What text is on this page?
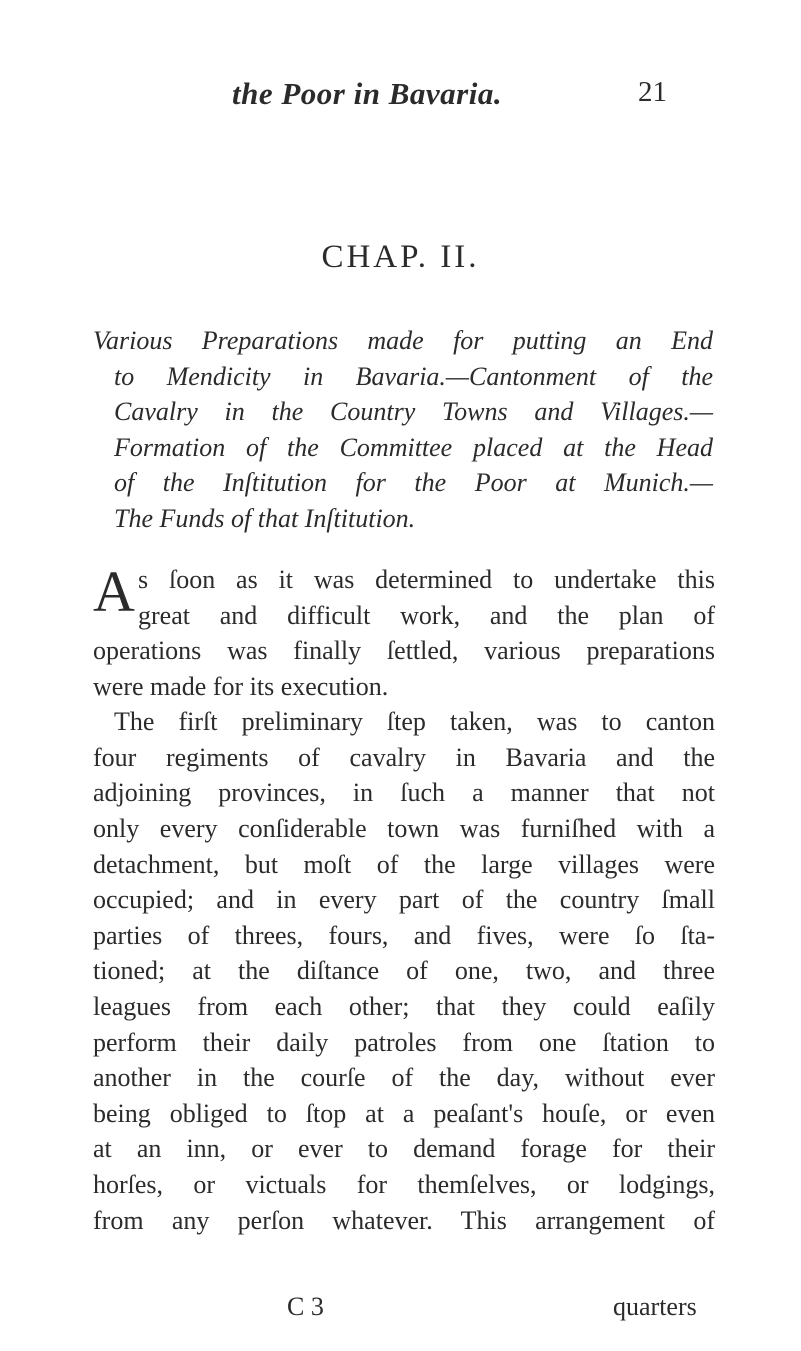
the Poor in Bavaria.	21
CHAP. II.
Various Preparations made for putting an End
to Mendicity in Bavaria.—Cantonment of the
Cavalry in the Country Towns and Villages.—
Formation of the Committee placed at the Head
of the Inſtitution for the Poor at Munich.—
The Funds of that Inſtitution.
A s ſoon as it was determined to undertake this
great and difficult work, and the plan of
operations was finally ſettled, various preparations
were made for its execution.
The firſt preliminary ſtep taken, was to canton
four regiments of cavalry in Bavaria and the
adjoining provinces, in ſuch a manner that not
only every conſiderable town was furniſhed with a
detachment, but moſt of the large villages were
occupied; and in every part of the country ſmall
parties of threes, fours, and fives, were ſo ſta-
tioned; at the diſtance of one, two, and three
leagues from each other; that they could eaſily
perform their daily patroles from one ſtation to
another in the courſe of the day, without ever
being obliged to ſtop at a peaſant's houſe, or even
at an inn, or ever to demand forage for their
horſes, or victuals for themſelves, or lodgings,
from any perſon whatever. This arrangement of
C 3	quarters
